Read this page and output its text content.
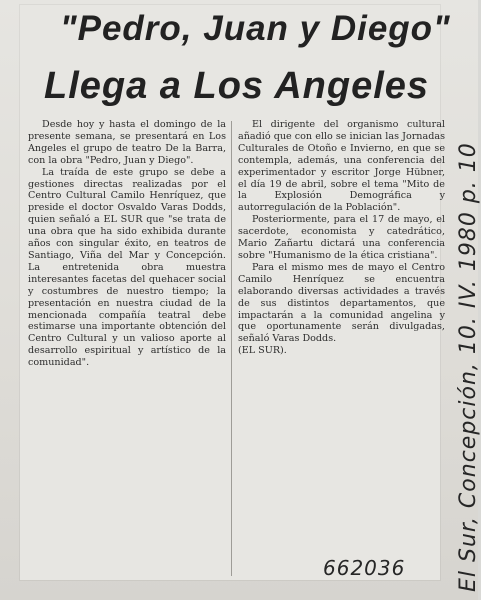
"Pedro, Juan y Diego"
Llega a Los Angeles

Desde hoy y hasta el domingo de la presente semana, se presentará en Los Angeles el grupo de teatro De la Barra, con la obra "Pedro, Juan y Diego".

La traída de este grupo se debe a gestiones directas realizadas por el Centro Cultural Camilo Henríquez, que preside el doctor Osvaldo Varas Dodds, quien señaló a EL SUR que "se trata de una obra que ha sido exhibida durante años con singular éxito, en teatros de Santiago, Viña del Mar y Concepción. La entretenida obra muestra interesantes facetas del quehacer social y costumbres de nuestro tiempo; la presentación en nuestra ciudad de la mencionada compañía teatral debe estimarse una importante obtención del Centro Cultural y un valioso aporte al desarrollo espiritual y artístico de la comunidad".

El dirigente del organismo cultural añadió que con ello se inician las Jornadas Culturales de Otoño e Invierno, en que se contempla, además, una conferencia del experimentador y escritor Jorge Hübner, el día 19 de abril, sobre el tema "Mito de la Explosión Demográfica y autorregulación de la Población".

Posteriormente, para el 17 de mayo, el sacerdote, economista y catedrático, Mario Zañartu dictará una conferencia sobre "Humanismo de la ética cristiana".

Para el mismo mes de mayo el Centro Camilo Henríquez se encuentra elaborando diversas actividades a través de sus distintos departamentos, que impactarán a la comunidad angelina y que oportunamente serán divulgadas, señaló Varas Dodds.

(EL SUR).	El Sur, Concepción, 10. IV. 1980 p. 10
662036
